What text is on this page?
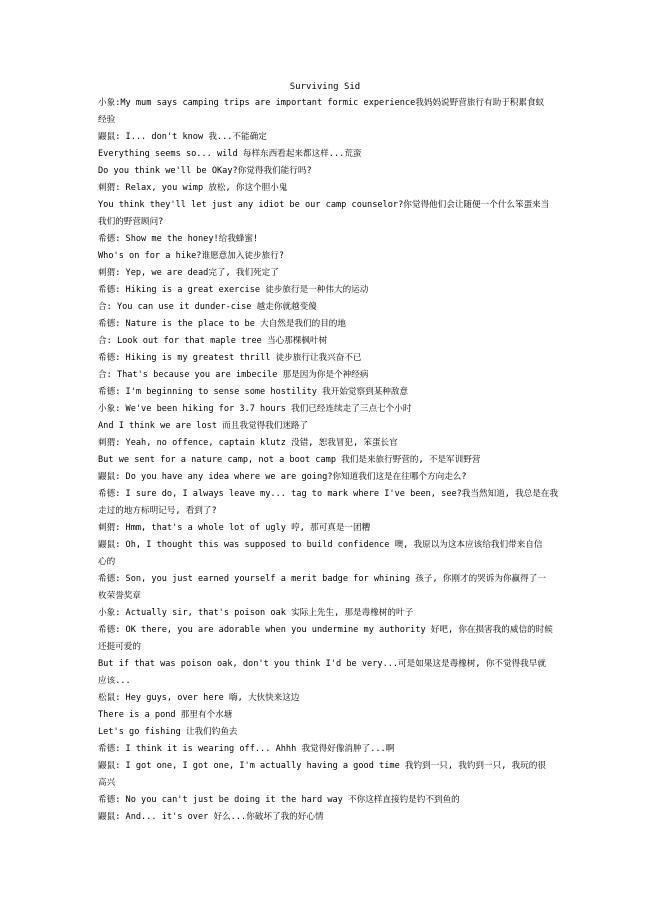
Surviving Sid
小象:My mum says camping trips are important formic experience我妈妈说野营旅行有助于积累食蚁
经验
鼹鼠: I... don't know 我...不能确定
Everything seems so... wild 每样东西看起来都这样...荒蛮
Do you think we'll be OKay?你觉得我们能行吗?
刺猬: Relax, you wimp 放松, 你这个胆小鬼
You think they'll let just any idiot be our camp counselor?你觉得他们会让随便一个什么笨蛋来当
我们的野营顾问?
希德: Show me the honey!给我蜂蜜!
Who's on for a hike?谁愿意加入徒步旅行?
刺猬: Yep, we are dead完了, 我们死定了
希德: Hiking is a great exercise 徒步旅行是一种伟大的运动
合: You can use it dunder-cise 越走你就越变傻
希德: Nature is the place to be 大自然是我们的目的地
合: Look out for that maple tree 当心那棵枫叶树
希德: Hiking is my greatest thrill 徒步旅行让我兴奋不已
合: That's because you are imbecile 那是因为你是个神经病
希德: I'm beginning to sense some hostility 我开始觉察到某种敌意
小象: We've been hiking for 3.7 hours 我们已经连续走了三点七个小时
And I think we are lost 而且我觉得我们迷路了
刺猬: Yeah, no offence, captain klutz 没错, 恕我冒犯, 笨蛋长官
But we sent for a nature camp, not a boot camp 我们是来旅行野营的, 不是军训野营
鼹鼠: Do you have any idea where we are going?你知道我们这是在往哪个方向走么?
希德: I sure do, I always leave my... tag to mark where I've been, see?我当然知道, 我总是在我
走过的地方标明记号, 看到了?
刺猬: Hmm, that's a whole lot of ugly 哼, 那可真是一团糟
鼹鼠: Oh, I thought this was supposed to build confidence 噢, 我原以为这本应该给我们带来自信
心的
希德: Son, you just earned yourself a merit badge for whining 孩子, 你刚才的哭诉为你赢得了一
枚荣誉奖章
小象: Actually sir, that's poison oak 实际上先生, 那是毒橡树的叶子
希德: OK there, you are adorable when you undermine my authority 好吧, 你在损害我的威信的时候
还挺可爱的
But if that was poison oak, don't you think I'd be very...可是如果这是毒橡树, 你不觉得我早就
应该...
松鼠: Hey guys, over here 嗨, 大伙快来这边
There is a pond 那里有个水塘
Let's go fishing 让我们钓鱼去
希德: I think it is wearing off... Ahhh 我觉得好像消肿了...啊
鼹鼠: I got one, I got one, I'm actually having a good time 我钓到一只, 我钓到一只, 我玩的很
高兴
希德: No you can't just be doing it the hard way 不你这样直接钓是钓不到鱼的
鼹鼠: And... it's over 好么...你破坏了我的好心情
